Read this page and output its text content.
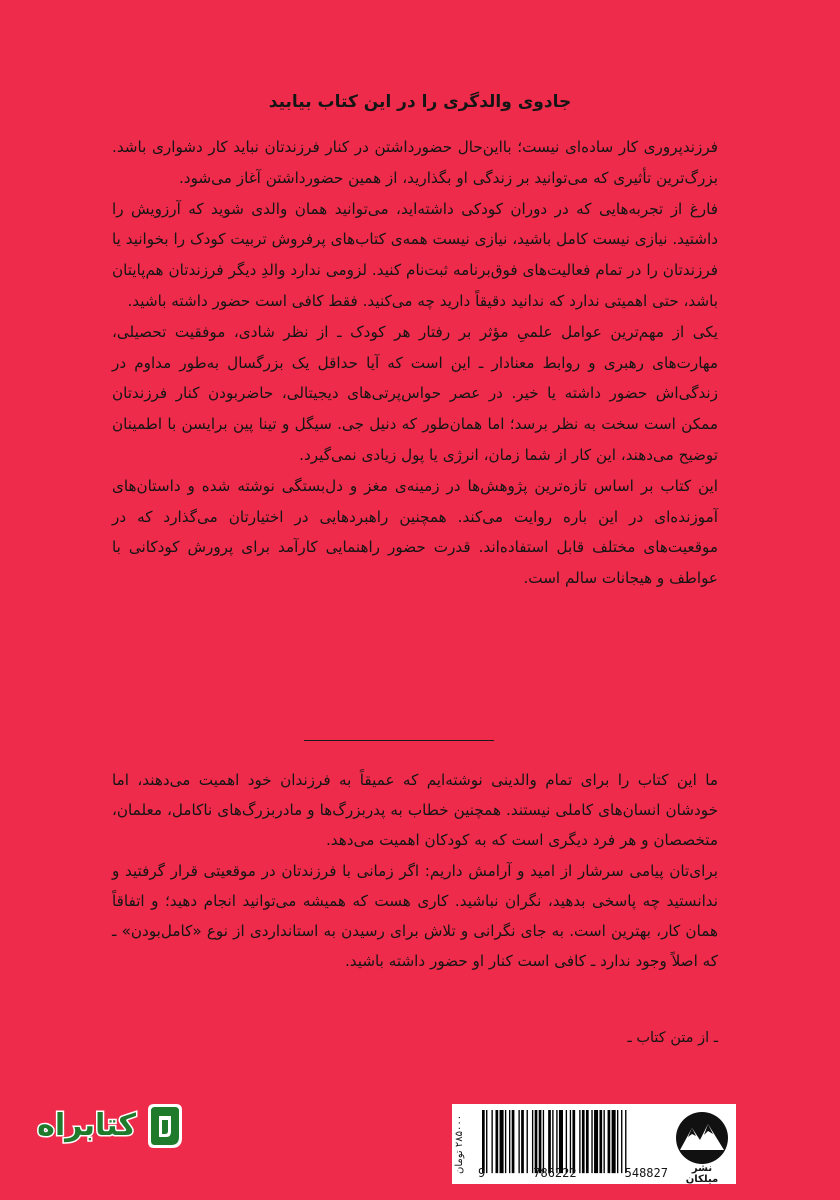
جادوی والدگری را در این کتاب بیابید

فرزندپروری کار ساده‌ای نیست؛ بااین‌حال حضورداشتن در کنار فرزندتان نباید کار دشواری باشد. بزرگ‌ترین تأثیری که می‌توانید بر زندگی او بگذارید، از همین حضورداشتن آغاز می‌شود.

فارغ از تجربه‌هایی که در دوران کودکی داشته‌اید، می‌توانید همان والدی شوید که آرزویش را داشتید. نیازی نیست کامل باشید، نیازی نیست همه‌ی کتاب‌های پرفروش تربیت کودک را بخوانید یا فرزندتان را در تمام فعالیت‌های فوق‌برنامه ثبت‌نام کنید. لزومی ندارد والدِ دیگر فرزندتان هم‌پایتان باشد، حتی اهمیتی ندارد که ندانید دقیقاً دارید چه می‌کنید. فقط کافی است حضور داشته باشید.

یکی از مهم‌ترین عوامل علمیِ مؤثر بر رفتار هر کودک ـ از نظر شادی، موفقیت تحصیلی، مهارت‌های رهبری و روابط معنادار ـ این است که آیا حداقل یک بزرگسال به‌طور مداوم در زندگی‌اش حضور داشته یا خیر. در عصر حواس‌پرتی‌های دیجیتالی، حاضربودن کنار فرزندتان ممکن است سخت به نظر برسد؛ اما همان‌طور که دنیل جی. سیگل و تینا پین برایسن با اطمینان توضیح می‌دهند، این کار از شما زمان، انرژی یا پول زیادی نمی‌گیرد.

این کتاب بر اساس تازه‌ترین پژوهش‌ها در زمینه‌ی مغز و دل‌بستگی نوشته شده و داستان‌های آموزنده‌ای در این باره روایت می‌کند. همچنین راهبردهایی در اختیارتان می‌گذارد که در موقعیت‌های مختلف قابل استفاده‌اند. قدرت حضور راهنمایی کارآمد برای پرورش کودکانی با عواطف و هیجانات سالم است.

ما این کتاب را برای تمام والدینی نوشته‌ایم که عمیقاً به فرزندان خود اهمیت می‌دهند، اما خودشان انسان‌های کاملی نیستند. همچنین خطاب به پدربزرگ‌ها و مادربزرگ‌های ناکامل، معلمان، متخصصان و هر فرد دیگری است که به کودکان اهمیت می‌دهد.

برای‌تان پیامی سرشار از امید و آرامش داریم: اگر زمانی با فرزندتان در موقعیتی قرار گرفتید و ندانستید چه پاسخی بدهید، نگران نباشید. کاری هست که همیشه می‌توانید انجام دهید؛ و اتفاقاً همان کار، بهترین است. به جای نگرانی و تلاش برای رسیدن به استانداردی از نوع «کامل‌بودن» ـ که اصلاً وجود ندارد ـ کافی است کنار او حضور داشته باشید.

ـ از متن کتاب ـ
کتابراه
۲۸۵۰۰۰ تومان
9	786222	548827	نشر میلکان
